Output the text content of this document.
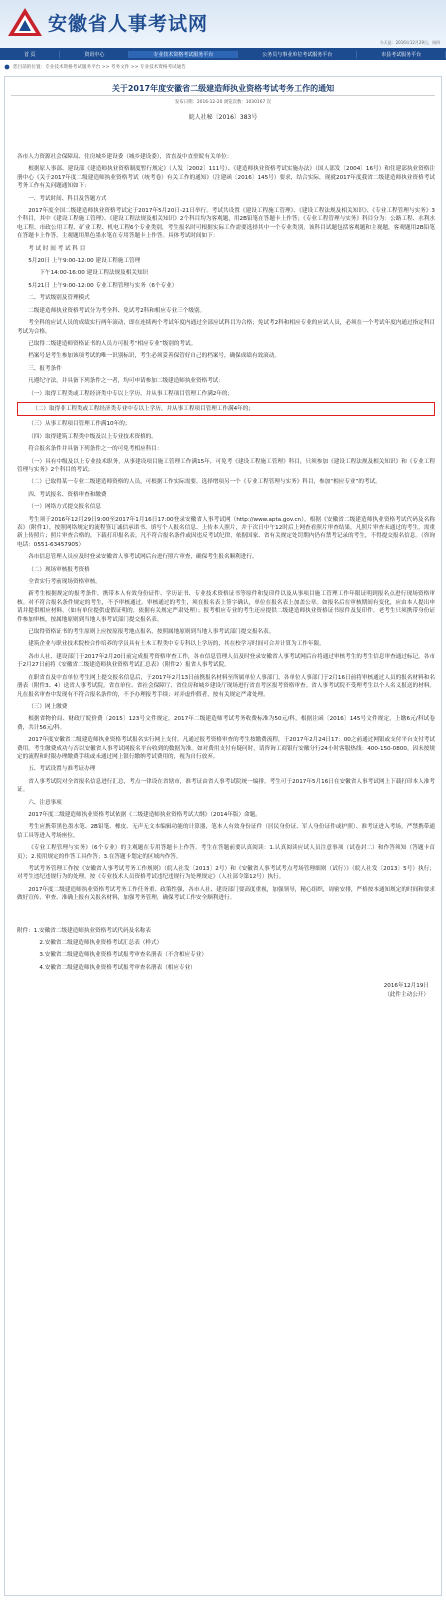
安徽省人事考试网
今天是：2016年12月29日，周四
首 页	资讯中心	专业技术资格考试服务平台	公务员与事业单位考试服务平台	市县考试服务平台
您目前的位置：专业技术资格考试服务平台 >> 考务文件 >> 专业技术资格考试通告
关于2017年度安徽省二级建造师执业资格考试考务工作的通知
发布日期：2016-12-20 浏览次数：1030167 次
皖人社秘〔2016〕383号

各市人力资源社会保障局、住房城乡建设委（城乡建设委），省直及中直驻皖有关单位：

根据原人事部、建设部《建造师执业资格制度暂行规定》（人发〔2002〕111号）、《建造师执业资格考试实施办法》（国人部发〔2004〕16号）和住建部执业资格注册中心《关于2017年度二级建造师执业资格考试（统考卷）有关工作的通知》（注建函〔2016〕145号）要求，结合实际，现就2017年度我省二级建造师执业资格考试考务工作有关问题通知如下：

一、考试时间、科目及答题方式

2017年度全国二级建造师执业资格考试定于2017年5月20日-21日举行。考试共设置《建设工程施工管理》、《建设工程法规及相关知识》、《专业工程管理与实务》3个科目，其中《建设工程施工管理》、《建设工程法规及相关知识》2个科目均为客观题，用2B铅笔在答题卡上作答；《专业工程管理与实务》科目分为：公路工程、水利水电工程、市政公用工程、矿业工程、机电工程6个专业类别，考生报名时可根据实际工作需要选择其中一个专业类别，该科目试题包括客观题和主观题，客观题用2B铅笔在答题卡上作答，主观题用黑色墨水笔在专用答题卡上作答。具体考试时间如下：

考 试 时 间 考 试 科 目

5月20日 上午9:00-12:00 建设工程施工管理

下午14:00-16:00 建设工程法规及相关知识

5月21日 上午9:00-12:00 专业工程管理与实务（6个专业）

二、考试级别及管理模式

二级建造师执业资格考试分为考全科、免试考2科和相应专业三个级别。

考全科的应试人员的成绩实行两年滚动，即在连续两个考试年度内通过全部应试科目为合格；免试考2科和相应专业的应试人员，必须在一个考试年度内通过指定科目考试为合格。

已取得二级建造师资格证书的人员方可报考“相应专业”级别的考试。

档案号是考生参加该项考试的唯一识别标识，考生必须妥善保管好自己的档案号，确保成绩有效滚动。

三、报考条件

凡遵纪守法，并具备下列条件之一者，均可申请参加二级建造师执业资格考试：

（一）取得工程类或工程经济类中专以上学历，并从事工程项目管理工作满2年的；

（二）取得非工程类或工程经济类专业中专以上学历，并从事工程项目管理工作满4年的；

（三）从事工程项目管理工作满10年的；

（四）取得建筑工程类中级及以上专业技术资格的。

符合报名条件并具备下列条件之一的可免考相应科目：

（一）具有中级及以上专业技术职务，从事建设项目施工管理工作满15年，可免考《建设工程施工管理》科目，只须参加《建设工程法规及相关知识》和《专业工程管理与实务》2个科目的考试；

（二）已取得某一专业二级建造师资格的人员，可根据工作实际需要，选择增项另一个《专业工程管理与实务》科目，参加“相应专业”的考试。

四、考试报名、资格审查和缴费

（一）网络方式提交报名信息

考生须于2016年12月29日9:00至2017年1月16日17:00登录安徽省人事考试网（http://www.apta.gov.cn），根据《安徽省二级建造师执业资格考试代码及名称表》（附件1），按照网络规定的流程签订诚信承诺书、填写个人报名信息、上传本人照片，并于次日中午12时后上网查看照片审查结果。凡照片审查未通过的考生，需重新上传照片；照片审查合格的，下载打印报名表。凡不符合报名条件或因违反考试纪律，依据国家、省有关规定处罚期内仍有禁考记录的考生，不得提交报名信息。（咨询电话：0551-63457905）

各市信息管理人员应及时登录安徽省人事考试网后台进行照片审查，确保考生报名顺利进行。

（二）现场审核报考资格

全省实行考前现场资格审核。

新考生根据规定的报考条件，携带本人有效身份证件、学历证书、专业技术资格证书等原件和复印件以及从事项目施工管理工作年限证明到报名点进行现场资格审核。对不符合报名条件规定的考生，不予审核通过。审核通过的考生，须在报名表上签字确认，单位在报名表上加盖公章。如报名后在审核期间有变化，应由本人提出申请并提供相应材料。（如有单位提供虚假证明的，依据有关规定严肃处理）；报考相应专业的考生还应提供二级建造师执业资格证书原件及复印件。老考生只须携带身份证件参加审核，按属地原则到当地人事考试部门提交报名表。

已取得资格证书的考生原则上应按原报考地点报名，按照属地原则到当地人事考试部门提交报名表。

建筑企业与职业技术院校合作培养的学员具有土木工程类中专专科以上学历的，其在校学习时间可合并计算为工作年限。

各市人社、建设部门于2017年2月20日前完成报考资格审查工作，各市信息管理人员及时登录安徽省人事考试网后台将通过审核考生的考生信息审查通过标记。各市于2月27日前将《安徽省二级建造师执业资格考试汇总表》（附件2）报省人事考试院。

在职省直及中直单位考生网上提交报名信息后，于2017年2月13日前携报名材料至所属单位人事部门，各单位人事部门于2月16日前将审核通过人员的报名材料和名册表（附件3、4）送省人事考试院。省直单位、省社会保障厅、省住房和城乡建设厅现场进行省直考区报考资格审查。省人事考试院不受理考生以个人名义报送的材料。凡在报名审查中发现有不符合报名条件的，不予办理报考手续；对弄虚作假者，按有关规定严肃处理。

（三）网上缴费

根据省物价局、财政厅皖价费〔2015〕123号文件规定，2017年二级建造师考试考务收费标准为50元/科，根据注函〔2016〕145号文件规定，上缴6元/科试卷费，共计56元/科。

2017年度安徽省二级建造师执业资格考试报名实行网上支付。凡通过报考资格审查的考生按缴费流程，于2017年2月24日17：00之前通过网银或支付平台支付考试费用。考生缴费成功与否以安徽省人事考试网报名平台收到的数据为准。如对费用支付有疑问时，请咨询工商银行安徽分行24小时客服热线：400-150-0800。因未按规定的流程和时限办理缴费手续或未通过网上银行缴纳考试费用的，视为自行放弃。

五、考试设置与准考证办理

省人事考试院对全省报名信息进行汇总，考点一律设在省辖市，准考证由省人事考试院统一编排。考生可于2017年5月16日在安徽省人事考试网上下载打印本人准考证。

六、注意事项

2017年度二级建造师执业资格考试依据《二级建造师执业资格考试大纲》（2014年版）命题。

考生应携带黑色墨水笔、2B铅笔、橡皮、无声无文本编辑功能的计算器，笔本人有效身份证件（居民身份证、军人身份证件或护照）、准考证进入考场，严禁携带通信工具等进入考场座位。

《专业工程管理与实务》（6个专业）的主观题在专用答题卡上作答。考生在答题前要认真阅读：1.认真阅读应试人员注意事项（试卷封二）和作答须知（答题卡首页）；2.使用规定的作答工具作答；3.在答题卡划定的区域内作答。

考试考务管理工作按《安徽省人事考试考务工作规则》（皖人社发〔2013〕2号）和《安徽省人事考试考点考场管理细则（试行）》（皖人社发〔2013〕5号）执行；对考生违纪违规行为的处理，按《专业技术人员资格考试违纪违规行为处理规定》（人社部令第12号）执行。

2017年度二级建造师执业资格考试考务工作任务重、政策性强，各市人社、建设部门要高度重视，加强领导，精心组织，周密安排，严格按本通知规定的时间和要求做好宣传、审查、准确上报有关报名材料，加强考务管理，确保考试工作安全顺利进行。

附件：1.安徽省二级建造师执业资格考试代码及名称表

2.安徽省二级建造师执业资格考试汇总表（样式）

3.安徽省二级建造师执业资格考试报考审查名册表（不含相应专业）

4.安徽省二级建造师执业资格考试报考审查名册表（相应专业）

2016年12月19日
（此件主动公开）
